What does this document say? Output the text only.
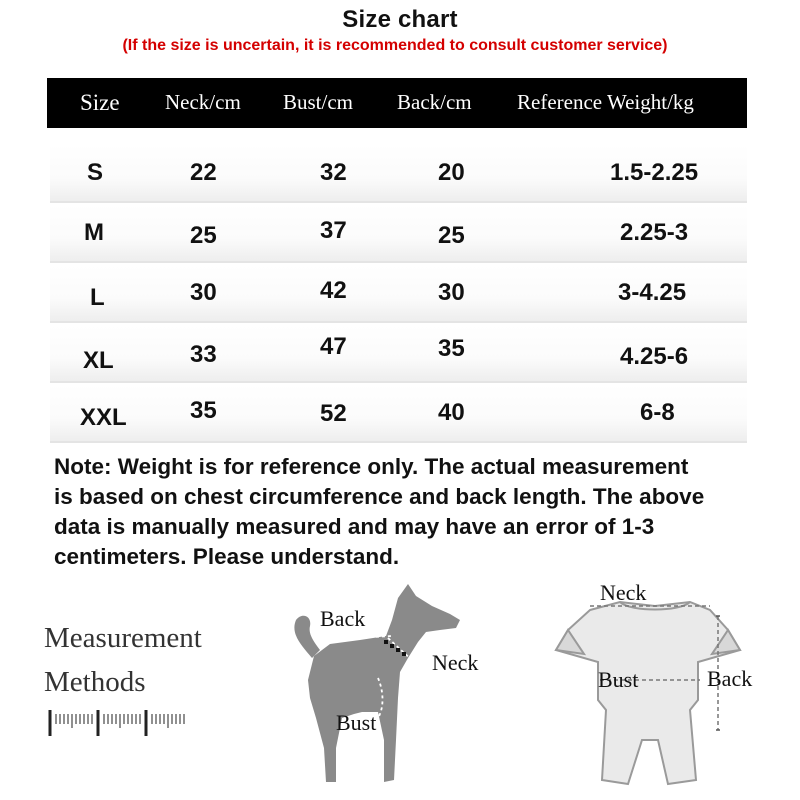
Size chart
(If the size is uncertain, it is recommended to consult customer service)
Size Neck/cm Bust/cm Back/cm Reference Weight/kg
S	22	32	20	1.5-2.25
M	25	37	25	2.25-3
L	30	42	30	3-4.25
XL	33	47	35	4.25-6
XXL	35	52	40	6-8
Note: Weight is for reference only. The actual measurement
is based on chest circumference and back length. The above
data is manually measured and may have an error of 1-3
centimeters. Please understand.
Measurement
Methods
Back
Neck
Bust
Neck
Bust	Back
